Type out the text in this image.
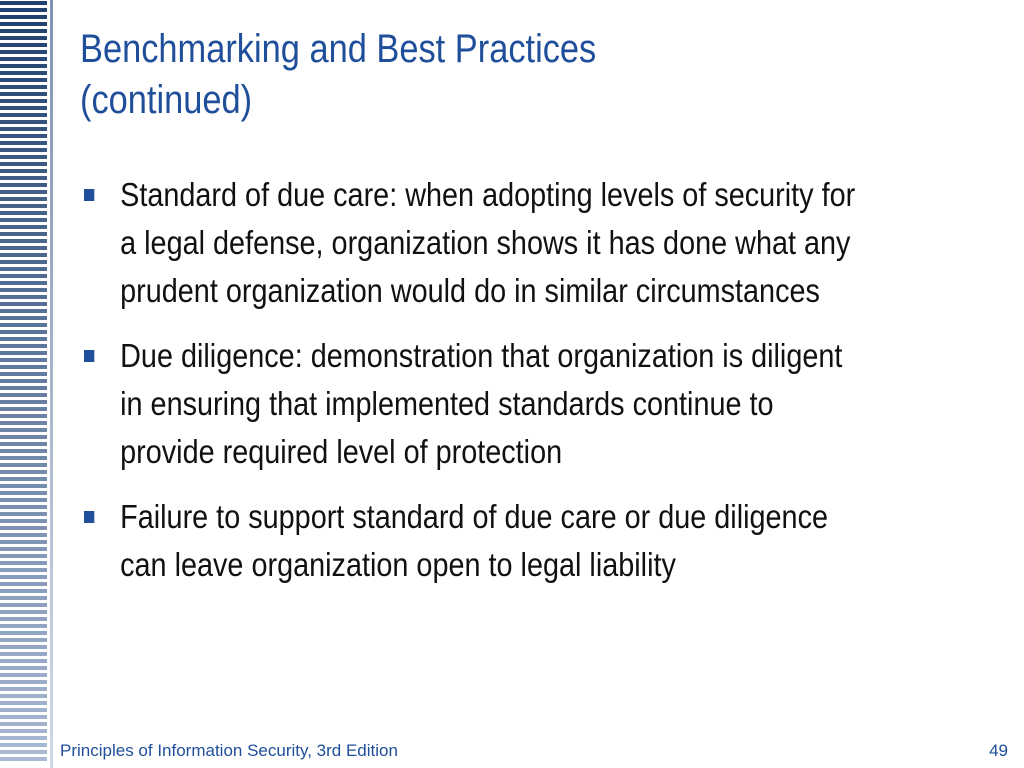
Benchmarking and Best Practices
(continued)
Standard of due care: when adopting levels of security for
a legal defense, organization shows it has done what any
prudent organization would do in similar circumstances
Due diligence: demonstration that organization is diligent
in ensuring that implemented standards continue to
provide required level of protection
Failure to support standard of due care or due diligence
can leave organization open to legal liability
Principles of Information Security, 3rd Edition	49
